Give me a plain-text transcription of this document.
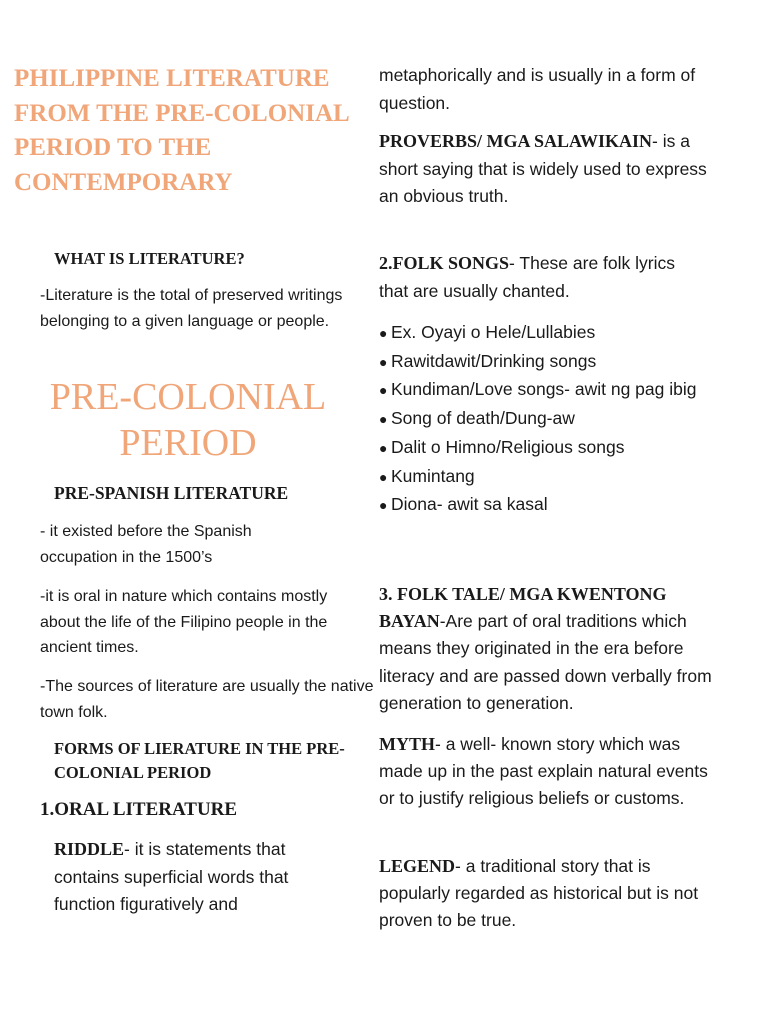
PHILIPPINE LITERATURE FROM THE PRE-COLONIAL PERIOD TO THE CONTEMPORARY

WHAT IS LITERATURE?

-Literature is the total of preserved writings belonging to a given language or people.

PRE-COLONIAL PERIOD

PRE-SPANISH LITERATURE

- it existed before the Spanish occupation in the 1500’s

-it is oral in nature which contains mostly about the life of the Filipino people in the ancient times.

-The sources of literature are usually the native town folk.

FORMS OF LIERATURE IN THE PRE-COLONIAL PERIOD

1.ORAL LITERATURE

RIDDLE- it is statements that contains superficial words that function figuratively and

metaphorically and is usually in a form of question.

PROVERBS/ MGA SALAWIKAIN- is a short saying that is widely used to express an obvious truth.

2.FOLK SONGS- These are folk lyrics that are usually chanted.

● Ex. Oyayi o Hele/Lullabies
● Rawitdawit/Drinking songs
● Kundiman/Love songs- awit ng pag ibig
● Song of death/Dung-aw
● Dalit o Himno/Religious songs
● Kumintang
● Diona- awit sa kasal

3. FOLK TALE/ MGA KWENTONG BAYAN-Are part of oral traditions which means they originated in the era before literacy and are passed down verbally from generation to generation.

MYTH- a well- known story which was made up in the past explain natural events or to justify religious beliefs or customs.

LEGEND- a traditional story that is popularly regarded as historical but is not proven to be true.
